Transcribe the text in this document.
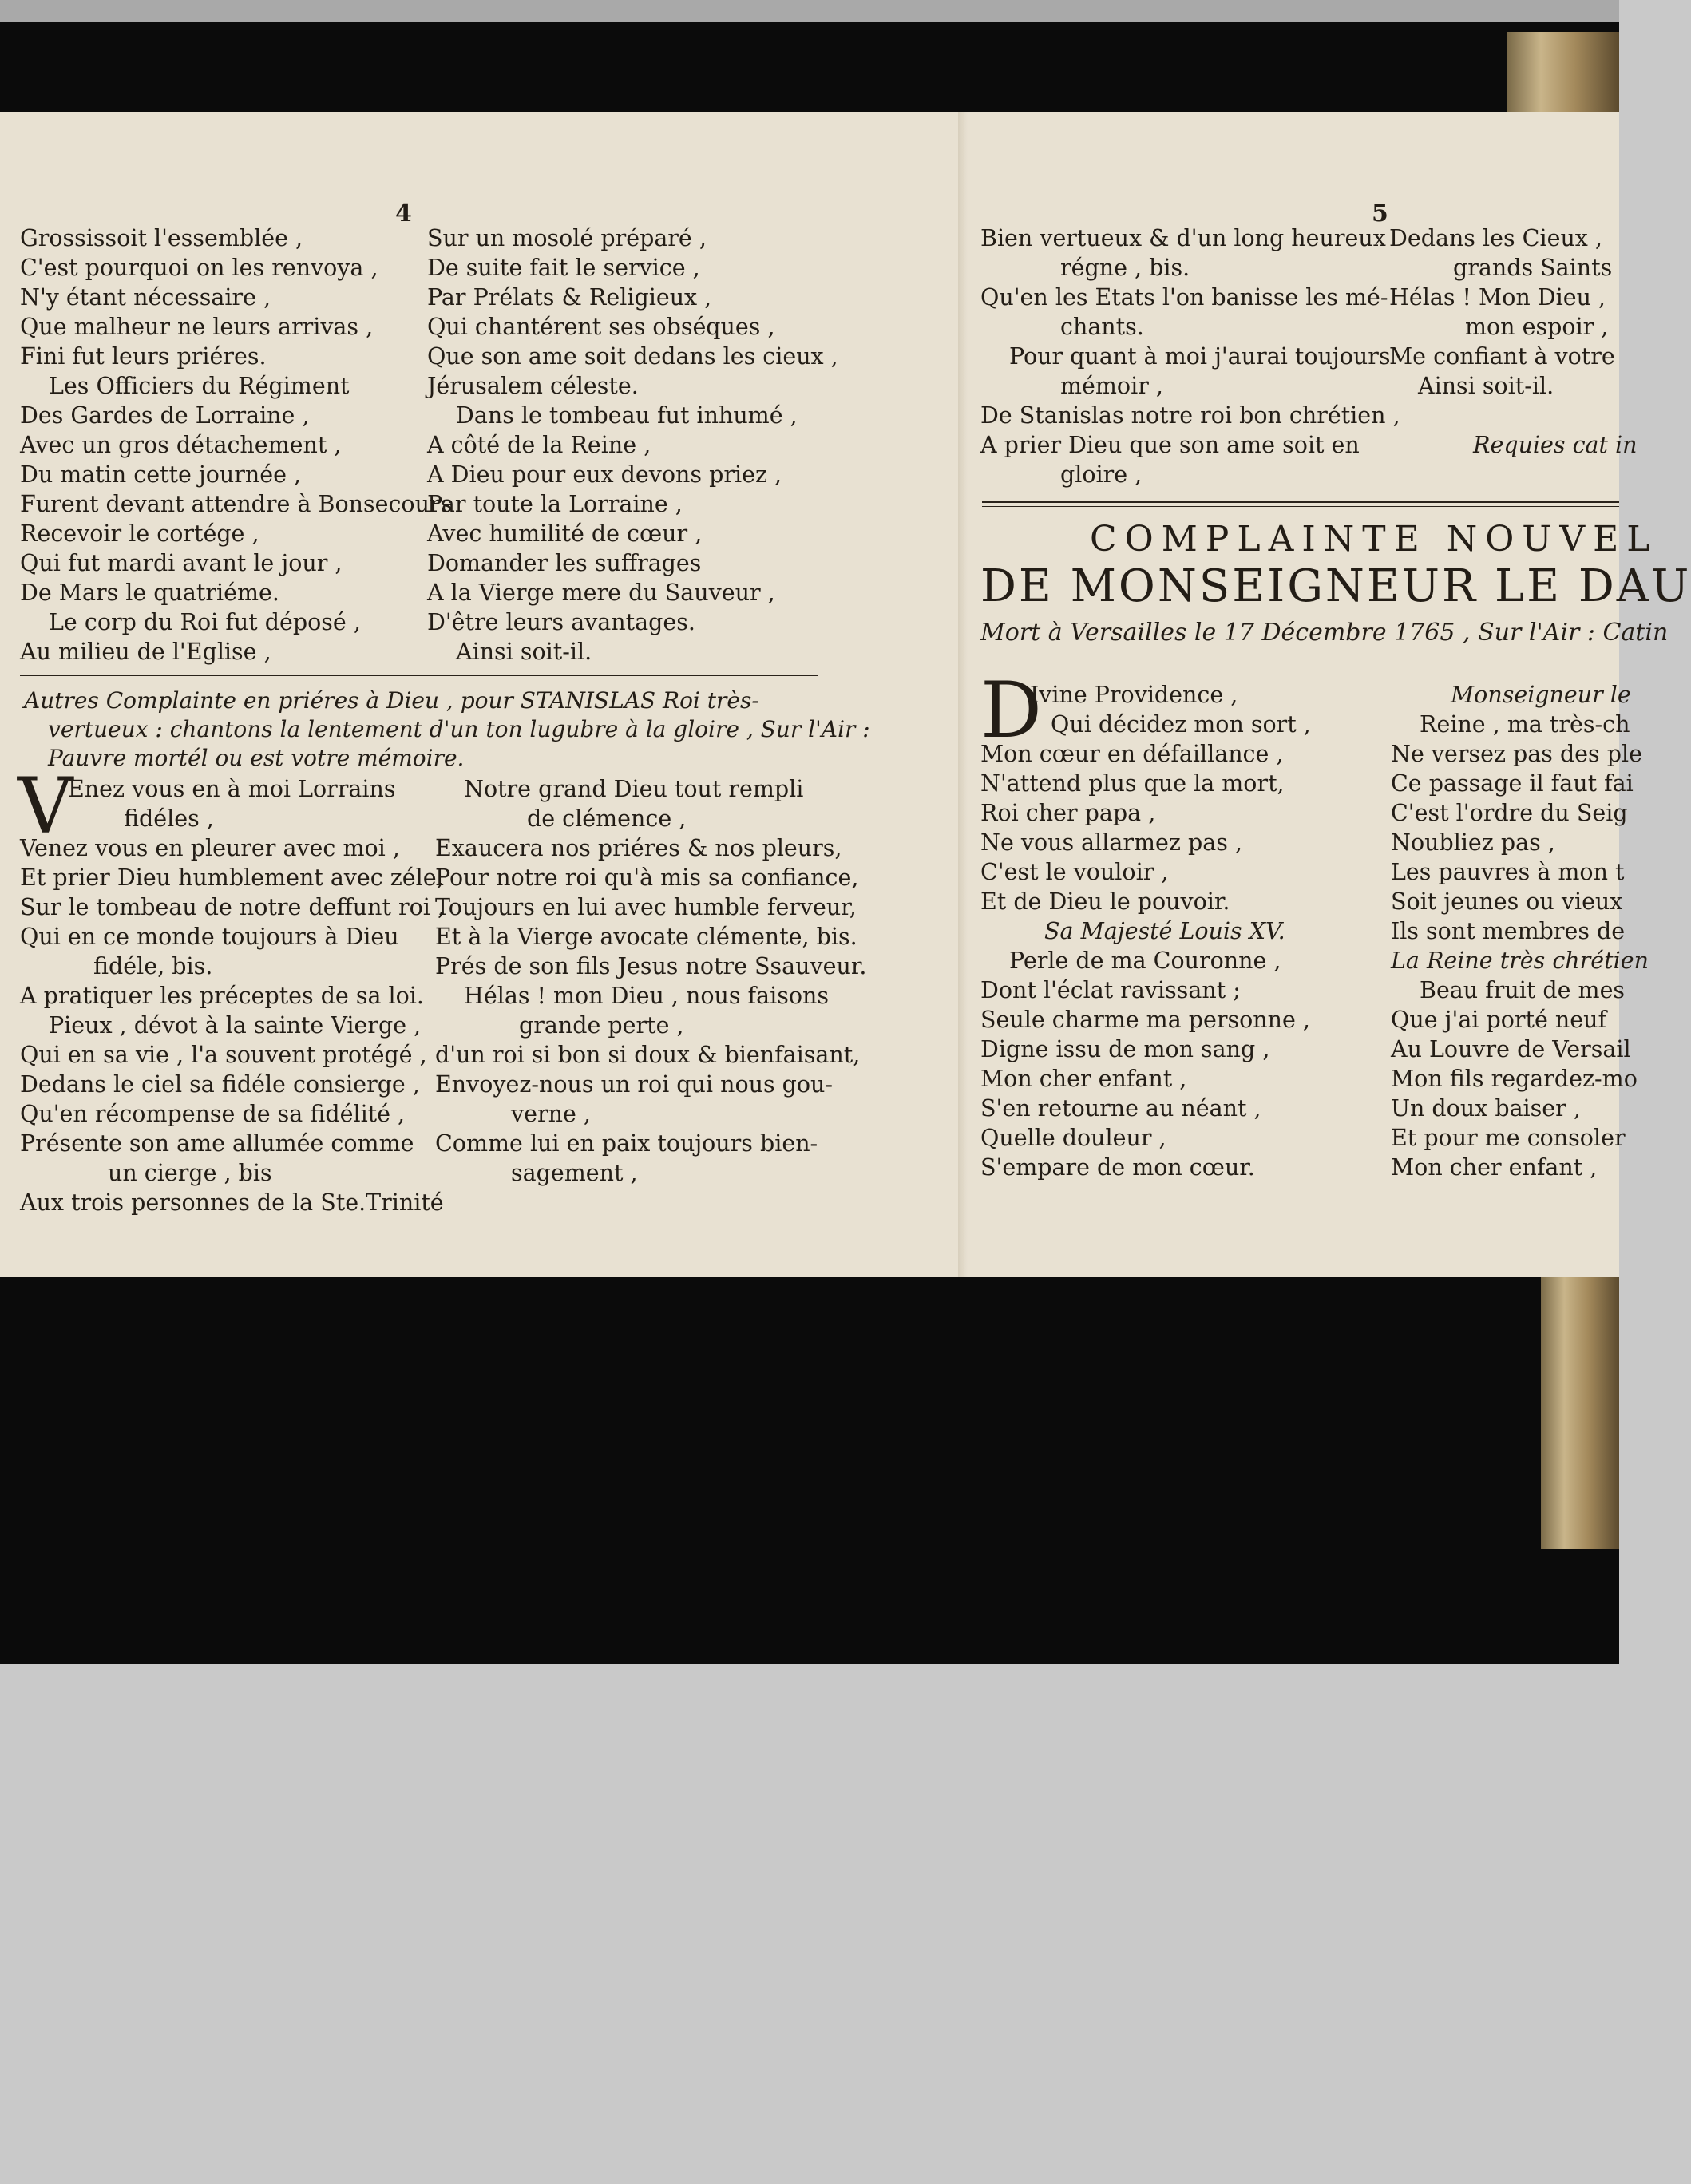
4
Grossissoit l'essemblée ,
C'est pourquoi on les renvoya ,
N'y étant nécessaire ,
Que malheur ne leurs arrivas ,
Fini fut leurs priéres.
Les Officiers du Régiment
Des Gardes de Lorraine ,
Avec un gros détachement ,
Du matin cette journée ,
Furent devant attendre à Bonsecours
Recevoir le cortége ,
Qui fut mardi avant le jour ,
De Mars le quatriéme.
Le corp du Roi fut déposé ,
Au milieu de l'Eglise ,
Sur un mosolé préparé ,
De suite fait le service ,
Par Prélats & Religieux ,
Qui chantérent ses obséques ,
Que son ame soit dedans les cieux ,
Jérusalem céleste.
Dans le tombeau fut inhumé ,
A côté de la Reine ,
A Dieu pour eux devons priez ,
Par toute la Lorraine ,
Avec humilité de cœur ,
Domander les suffrages
A la Vierge mere du Sauveur ,
D'être leurs avantages.
Ainsi soit-il.
Autres Complainte en priéres à Dieu , pour STANISLAS Roi très-
vertueux : chantons la lentement d'un ton lugubre à la gloire , Sur l'Air :
Pauvre mortél ou est votre mémoire.
V
Enez vous en à moi Lorrains
fidéles ,
Venez vous en pleurer avec moi ,
Et prier Dieu humblement avec zéle,
Sur le tombeau de notre deffunt roi ,
Qui en ce monde toujours à Dieu
fidéle, bis.
A pratiquer les préceptes de sa loi.
Pieux , dévot à la sainte Vierge ,
Qui en sa vie , l'a souvent protégé ,
Dedans le ciel sa fidéle consierge ,
Qu'en récompense de sa fidélité ,
Présente son ame allumée comme
un cierge , bis
Aux trois personnes de la Ste.Trinité
Notre grand Dieu tout rempli
de clémence ,
Exaucera nos priéres & nos pleurs,
Pour notre roi qu'à mis sa confiance,
Toujours en lui avec humble ferveur,
Et à la Vierge avocate clémente, bis.
Prés de son fils Jesus notre Ssauveur.
Hélas ! mon Dieu , nous faisons
grande perte ,
d'un roi si bon si doux & bienfaisant,
Envoyez-nous un roi qui nous gou-
verne ,
Comme lui en paix toujours bien-
sagement ,
5
Bien vertueux & d'un long heureux
régne , bis.
Qu'en les Etats l'on banisse les mé-
chants.
Pour quant à moi j'aurai toujours
mémoir ,
De Stanislas notre roi bon chrétien ,
A prier Dieu que son ame soit en
gloire ,
Dedans les Cieux ,
grands Saints
Hélas ! Mon Dieu ,
mon espoir ,
Me confiant à votre
Ainsi soit-il.

Requies cat in
COMPLAINTE NOUVEL
DE MONSEIGNEUR LE DAU
Mort à Versailles le 17 Décembre 1765 , Sur l'Air : Catin
D
Ivine Providence ,
Qui décidez mon sort ,
Mon cœur en défaillance ,
N'attend plus que la mort,
Roi cher papa ,
Ne vous allarmez pas ,
C'est le vouloir ,
Et de Dieu le pouvoir.
Sa Majesté Louis XV.
Perle de ma Couronne ,
Dont l'éclat ravissant ;
Seule charme ma personne ,
Digne issu de mon sang ,
Mon cher enfant ,
S'en retourne au néant ,
Quelle douleur ,
S'empare de mon cœur.
Monseigneur le
Reine , ma très-ch
Ne versez pas des ple
Ce passage il faut fai
C'est l'ordre du Seig
Noubliez pas ,
Les pauvres à mon t
Soit jeunes ou vieux
Ils sont membres de
La Reine très chrétien
Beau fruit de mes
Que j'ai porté neuf
Au Louvre de Versail
Mon fils regardez-mo
Un doux baiser ,
Et pour me consoler
Mon cher enfant ,
